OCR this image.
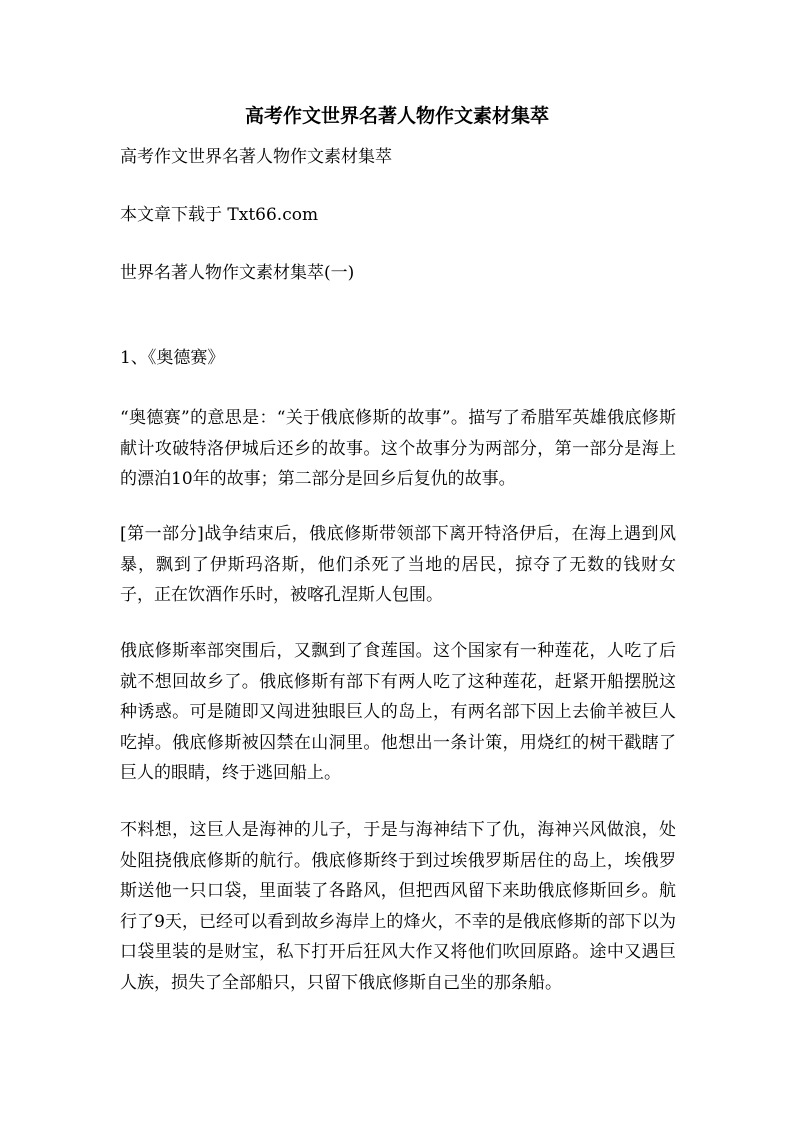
高考作文世界名著人物作文素材集萃
高考作文世界名著人物作文素材集萃
本文章下载于 Txt66.com
世界名著人物作文素材集萃(一)
1、《奥德赛》
“奥德赛”的意思是：“关于俄底修斯的故事”。描写了希腊军英雄俄底修斯献计攻破特洛伊城后还乡的故事。这个故事分为两部分，第一部分是海上的漂泊10年的故事；第二部分是回乡后复仇的故事。
[第一部分]战争结束后，俄底修斯带领部下离开特洛伊后，在海上遇到风暴，飘到了伊斯玛洛斯，他们杀死了当地的居民，掠夺了无数的钱财女子，正在饮酒作乐时，被喀孔涅斯人包围。
俄底修斯率部突围后，又飘到了食莲国。这个国家有一种莲花，人吃了后就不想回故乡了。俄底修斯有部下有两人吃了这种莲花，赶紧开船摆脱这种诱惑。可是随即又闯进独眼巨人的岛上，有两名部下因上去偷羊被巨人吃掉。俄底修斯被囚禁在山洞里。他想出一条计策，用烧红的树干戳瞎了巨人的眼睛，终于逃回船上。
不料想，这巨人是海神的儿子，于是与海神结下了仇，海神兴风做浪，处处阻挠俄底修斯的航行。俄底修斯终于到过埃俄罗斯居住的岛上，埃俄罗斯送他一只口袋，里面装了各路风，但把西风留下来助俄底修斯回乡。航行了9天，已经可以看到故乡海岸上的烽火，不幸的是俄底修斯的部下以为口袋里装的是财宝，私下打开后狂风大作又将他们吹回原路。途中又遇巨人族，损失了全部船只，只留下俄底修斯自己坐的那条船。
